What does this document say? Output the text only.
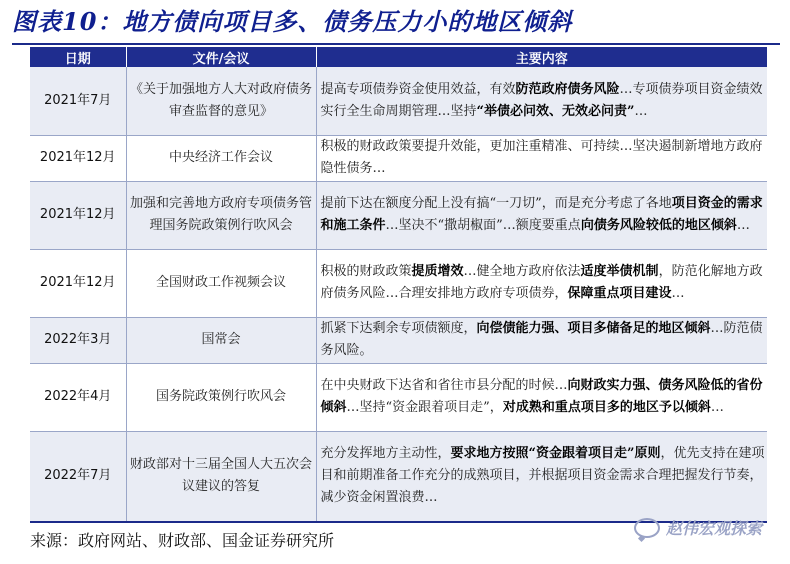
图表10：地方债向项目多、债务压力小的地区倾斜
日期	文件/会议	主要内容
2021年7月	《关于加强地方人大对政府债务审查监督的意见》	提高专项债券资金使用效益，有效防范政府债务风险…专项债券项目资金绩效实行全生命周期管理…坚持“举债必问效、无效必问责”…
2021年12月	中央经济工作会议	积极的财政政策要提升效能，更加注重精准、可持续…坚决遏制新增地方政府隐性债务…
2021年12月	加强和完善地方政府专项债务管理国务院政策例行吹风会	提前下达在额度分配上没有搞“一刀切”，而是充分考虑了各地项目资金的需求和施工条件…坚决不“撒胡椒面”…额度要重点向债务风险较低的地区倾斜…
2021年12月	全国财政工作视频会议	积极的财政政策提质增效…健全地方政府依法适度举债机制，防范化解地方政府债务风险…合理安排地方政府专项债券，保障重点项目建设…
2022年3月	国常会	抓紧下达剩余专项债额度，向偿债能力强、项目多储备足的地区倾斜…防范债务风险。
2022年4月	国务院政策例行吹风会	在中央财政下达省和省往市县分配的时候…向财政实力强、债务风险低的省份倾斜…坚持“资金跟着项目走”，对成熟和重点项目多的地区予以倾斜…
2022年7月	财政部对十三届全国人大五次会议建议的答复	充分发挥地方主动性，要求地方按照“资金跟着项目走”原则，优先支持在建项目和前期准备工作充分的成熟项目，并根据项目资金需求合理把握发行节奏，减少资金闲置浪费…
来源：政府网站、财政部、国金证券研究所
赵伟宏观探索
